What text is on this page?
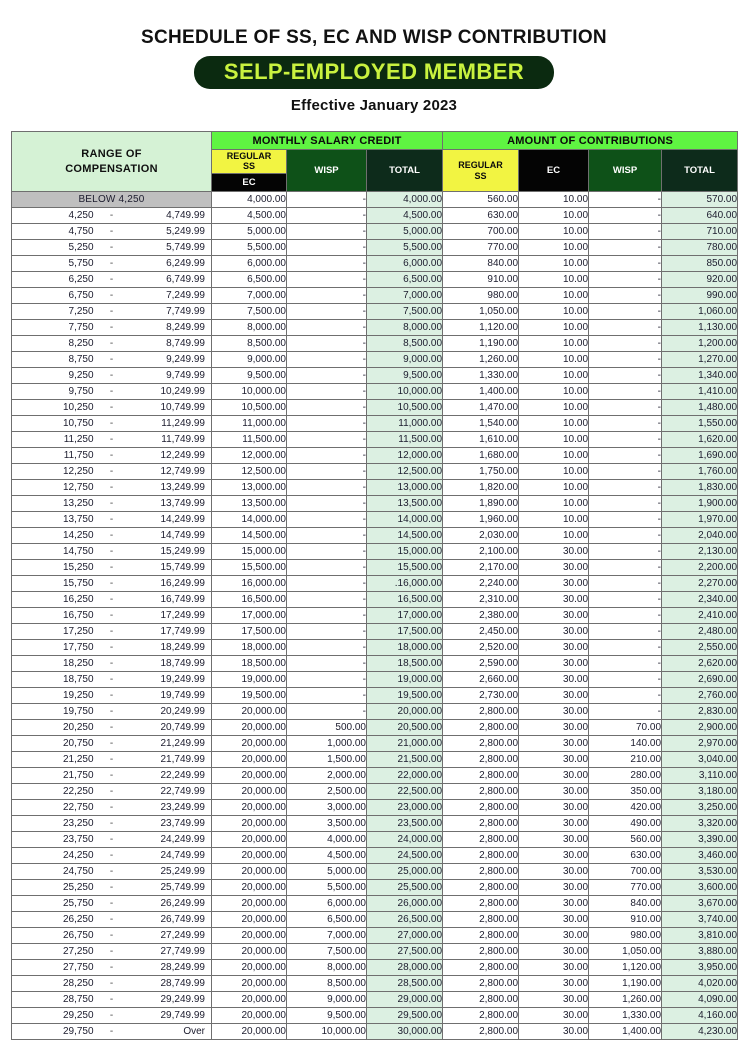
SCHEDULE OF SS, EC AND WISP CONTRIBUTION
SELP-EMPLOYED MEMBER
Effective January 2023
RANGE OF
COMPENSATION	MONTHLY SALARY CREDIT			AMOUNT OF CONTRIBUTIONS			

REGULAR
SS	WISP	TOTAL	REGULAR
SS	EC	WISP	TOTAL
	EC						
BELOW 4,250	4,000.00	-	4,000.00	560.00	10.00	-	570.00

4,250 - 4,749.99	4,500.00	-	4,500.00	630.00	10.00	-	640.00

4,750 - 5,249.99	5,000.00	-	5,000.00	700.00	10.00	-	710.00

5,250 - 5,749.99	5,500.00	-	5,500.00	770.00	10.00	-	780.00

5,750 - 6,249.99	6,000.00	-	6,000.00	840.00	10.00	-	850.00

6,250 - 6,749.99	6,500.00	-	6,500.00	910.00	10.00	-	920.00

6,750 - 7,249.99	7,000.00	-	7,000.00	980.00	10.00	-	990.00

7,250 - 7,749.99	7,500.00	-	7,500.00	1,050.00	10.00	-	1,060.00

7,750 - 8,249.99	8,000.00	-	8,000.00	1,120.00	10.00	-	1,130.00

8,250 - 8,749.99	8,500.00	-	8,500.00	1,190.00	10.00	-	1,200.00

8,750 - 9,249.99	9,000.00	-	9,000.00	1,260.00	10.00	-	1,270.00

9,250 - 9,749.99	9,500.00	-	9,500.00	1,330.00	10.00	-	1,340.00

9,750 - 10,249.99	10,000.00	-	10,000.00	1,400.00	10.00	-	1,410.00

10,250 - 10,749.99	10,500.00	-	10,500.00	1,470.00	10.00	-	1,480.00

10,750 - 11,249.99	11,000.00	-	11,000.00	1,540.00	10.00	-	1,550.00

11,250 - 11,749.99	11,500.00	-	11,500.00	1,610.00	10.00	-	1,620.00

11,750 - 12,249.99	12,000.00	-	12,000.00	1,680.00	10.00	-	1,690.00

12,250 - 12,749.99	12,500.00	-	12,500.00	1,750.00	10.00	-	1,760.00

12,750 - 13,249.99	13,000.00	-	13,000.00	1,820.00	10.00	-	1,830.00

13,250 - 13,749.99	13,500.00	-	13,500.00	1,890.00	10.00	-	1,900.00

13,750 - 14,249.99	14,000.00	-	14,000.00	1,960.00	10.00	-	1,970.00

14,250 - 14,749.99	14,500.00	-	14,500.00	2,030.00	10.00	-	2,040.00

14,750 - 15,249.99	15,000.00	-	15,000.00	2,100.00	30.00	-	2,130.00

15,250 - 15,749.99	15,500.00	-	15,500.00	2,170.00	30.00	-	2,200.00

15,750 - 16,249.99	16,000.00	-	.16,000.00	2,240.00	30.00	-	2,270.00

16,250 - 16,749.99	16,500.00	-	16,500.00	2,310.00	30.00	-	2,340.00

16,750 - 17,249.99	17,000.00	-	17,000.00	2,380.00	30.00	-	2,410.00

17,250 - 17,749.99	17,500.00	-	17,500.00	2,450.00	30.00	-	2,480.00

17,750 - 18,249.99	18,000.00	-	18,000.00	2,520.00	30.00	-	2,550.00

18,250 - 18,749.99	18,500.00	-	18,500.00	2,590.00	30.00	-	2,620.00

18,750 - 19,249.99	19,000.00	-	19,000.00	2,660.00	30.00	-	2,690.00

19,250 - 19,749.99	19,500.00	-	19,500.00	2,730.00	30.00	-	2,760.00

19,750 - 20,249.99	20,000.00	-	20,000.00	2,800.00	30.00	-	2,830.00

20,250 - 20,749.99	20,000.00	500.00	20,500.00	2,800.00	30.00	70.00	2,900.00

20,750 - 21,249.99	20,000.00	1,000.00	21,000.00	2,800.00	30.00	140.00	2,970.00

21,250 - 21,749.99	20,000.00	1,500.00	21,500.00	2,800.00	30.00	210.00	3,040.00

21,750 - 22,249.99	20,000.00	2,000.00	22,000.00	2,800.00	30.00	280.00	3,110.00

22,250 - 22,749.99	20,000.00	2,500.00	22,500.00	2,800.00	30.00	350.00	3,180.00

22,750 - 23,249.99	20,000.00	3,000.00	23,000.00	2,800.00	30.00	420.00	3,250.00

23,250 - 23,749.99	20,000.00	3,500.00	23,500.00	2,800.00	30.00	490.00	3,320.00

23,750 - 24,249.99	20,000.00	4,000.00	24,000.00	2,800.00	30.00	560.00	3,390.00

24,250 - 24,749.99	20,000.00	4,500.00	24,500.00	2,800.00	30.00	630.00	3,460.00

24,750 - 25,249.99	20,000.00	5,000.00	25,000.00	2,800.00	30.00	700.00	3,530.00

25,250 - 25,749.99	20,000.00	5,500.00	25,500.00	2,800.00	30.00	770.00	3,600.00

25,750 - 26,249.99	20,000.00	6,000.00	26,000.00	2,800.00	30.00	840.00	3,670.00

26,250 - 26,749.99	20,000.00	6,500.00	26,500.00	2,800.00	30.00	910.00	3,740.00

26,750 - 27,249.99	20,000.00	7,000.00	27,000.00	2,800.00	30.00	980.00	3,810.00

27,250 - 27,749.99	20,000.00	7,500.00	27,500.00	2,800.00	30.00	1,050.00	3,880.00

27,750 - 28,249.99	20,000.00	8,000.00	28,000.00	2,800.00	30.00	1,120.00	3,950.00

28,250 - 28,749.99	20,000.00	8,500.00	28,500.00	2,800.00	30.00	1,190.00	4,020.00

28,750 - 29,249.99	20,000.00	9,000.00	29,000.00	2,800.00	30.00	1,260.00	4,090.00

29,250 - 29,749.99	20,000.00	9,500.00	29,500.00	2,800.00	30.00	1,330.00	4,160.00

29,750 - Over	20,000.00	10,000.00	30,000.00	2,800.00	30.00	1,400.00	4,230.00
